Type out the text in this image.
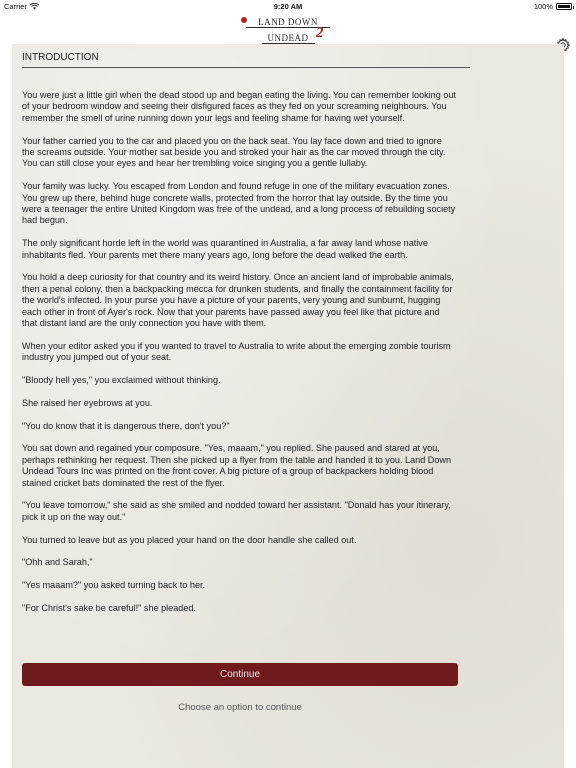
Carrier	9:20 AM	100%
LAND DOWN
UNDEAD 2
INTRODUCTION

You were just a little girl when the dead stood up and began eating the living. You can remember looking out of your bedroom window and seeing their disfigured faces as they fed on your screaming neighbours. You remember the smell of urine running down your legs and feeling shame for having wet yourself.

Your father carried you to the car and placed you on the back seat. You lay face down and tried to ignore the screams outside. Your mother sat beside you and stroked your hair as the car moved through the city. You can still close your eyes and hear her trembling voice singing you a gentle lullaby.

Your family was lucky. You escaped from London and found refuge in one of the military evacuation zones. You grew up there, behind huge concrete walls, protected from the horror that lay outside. By the time you were a teenager the entire United Kingdom was free of the undead, and a long process of rebuilding society had begun.

The only significant horde left in the world was quarantined in Australia, a far away land whose native inhabitants fled. Your parents met there many years ago, long before the dead walked the earth.

You hold a deep curiosity for that country and its weird history. Once an ancient land of improbable animals, then a penal colony, then a backpacking mecca for drunken students, and finally the containment facility for the world's infected. In your purse you have a picture of your parents, very young and sunburnt, hugging each other in front of Ayer's rock. Now that your parents have passed away you feel like that picture and that distant land are the only connection you have with them.

When your editor asked you if you wanted to travel to Australia to write about the emerging zombie tourism industry you jumped out of your seat.

"Bloody hell yes," you exclaimed without thinking.

She raised her eyebrows at you.

"You do know that it is dangerous there, don't you?"

You sat down and regained your composure. "Yes, maaam," you replied. She paused and stared at you, perhaps rethinking her request. Then she picked up a flyer from the table and handed it to you. Land Down Undead Tours Inc was printed on the front cover. A big picture of a group of backpackers holding blood stained cricket bats dominated the rest of the flyer.

"You leave tomorrow," she said as she smiled and nodded toward her assistant. "Donald has your itinerary, pick it up on the way out."

You turned to leave but as you placed your hand on the door handle she called out.

"Ohh and Sarah,"

"Yes maaam?" you asked turning back to her.

"For Christ's sake be careful!" she pleaded.

Continue
Choose an option to continue
